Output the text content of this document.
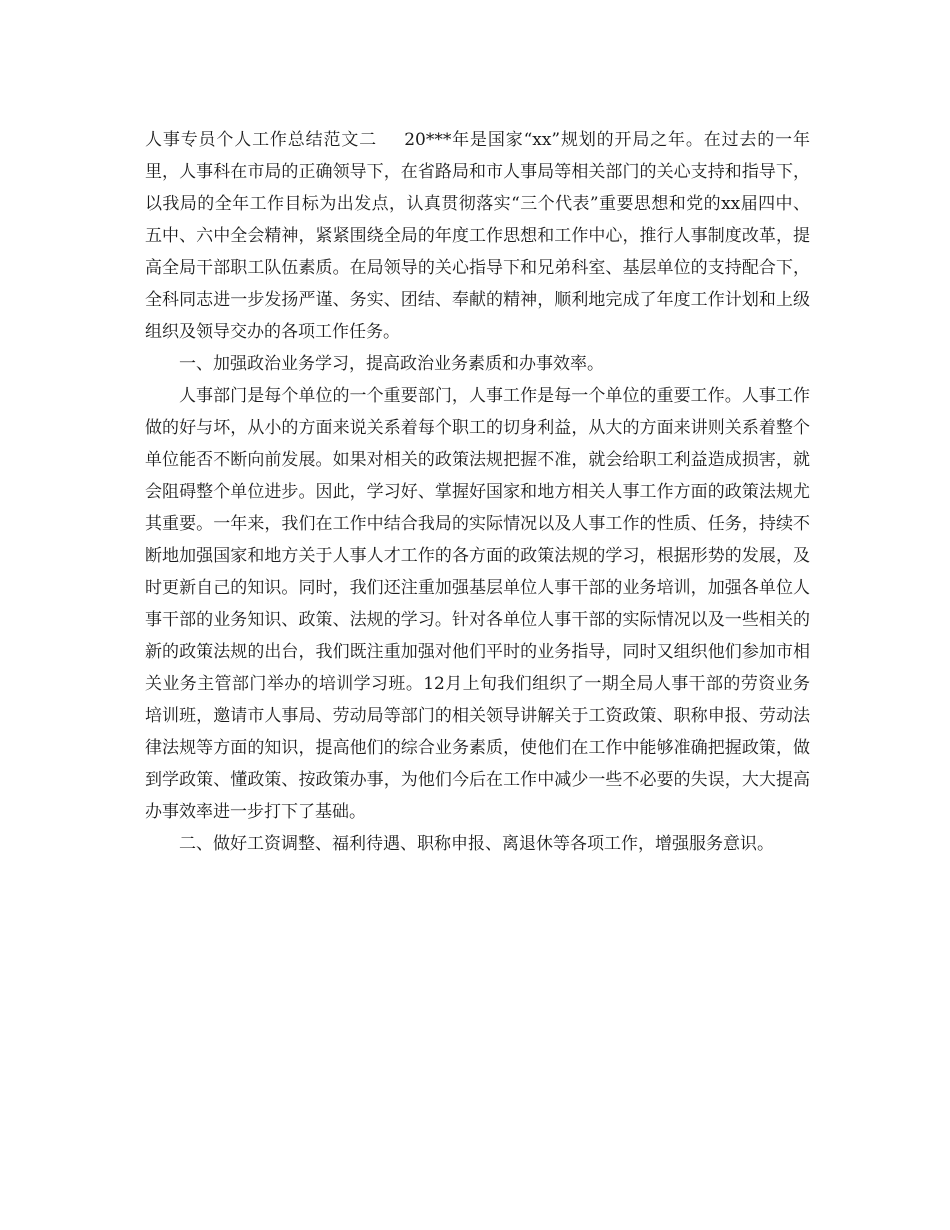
人事专员个人工作总结范文二 20***年是国家“xx”规划的开局之年。在过去的一年里，人事科在市局的正确领导下，在省路局和市人事局等相关部门的关心支持和指导下，以我局的全年工作目标为出发点，认真贯彻落实“三个代表”重要思想和党的xx届四中、五中、六中全会精神，紧紧围绕全局的年度工作思想和工作中心，推行人事制度改革，提高全局干部职工队伍素质。在局领导的关心指导下和兄弟科室、基层单位的支持配合下，全科同志进一步发扬严谨、务实、团结、奉献的精神，顺利地完成了年度工作计划和上级组织及领导交办的各项工作任务。

一、加强政治业务学习，提高政治业务素质和办事效率。

人事部门是每个单位的一个重要部门，人事工作是每一个单位的重要工作。人事工作做的好与坏，从小的方面来说关系着每个职工的切身利益，从大的方面来讲则关系着整个单位能否不断向前发展。如果对相关的政策法规把握不准，就会给职工利益造成损害，就会阻碍整个单位进步。因此，学习好、掌握好国家和地方相关人事工作方面的政策法规尤其重要。一年来，我们在工作中结合我局的实际情况以及人事工作的性质、任务，持续不断地加强国家和地方关于人事人才工作的各方面的政策法规的学习，根据形势的发展，及时更新自己的知识。同时，我们还注重加强基层单位人事干部的业务培训，加强各单位人事干部的业务知识、政策、法规的学习。针对各单位人事干部的实际情况以及一些相关的新的政策法规的出台，我们既注重加强对他们平时的业务指导，同时又组织他们参加市相关业务主管部门举办的培训学习班。12月上旬我们组织了一期全局人事干部的劳资业务培训班，邀请市人事局、劳动局等部门的相关领导讲解关于工资政策、职称申报、劳动法律法规等方面的知识，提高他们的综合业务素质，使他们在工作中能够准确把握政策，做到学政策、懂政策、按政策办事，为他们今后在工作中减少一些不必要的失误，大大提高办事效率进一步打下了基础。

二、做好工资调整、福利待遇、职称申报、离退休等各项工作，增强服务意识。
